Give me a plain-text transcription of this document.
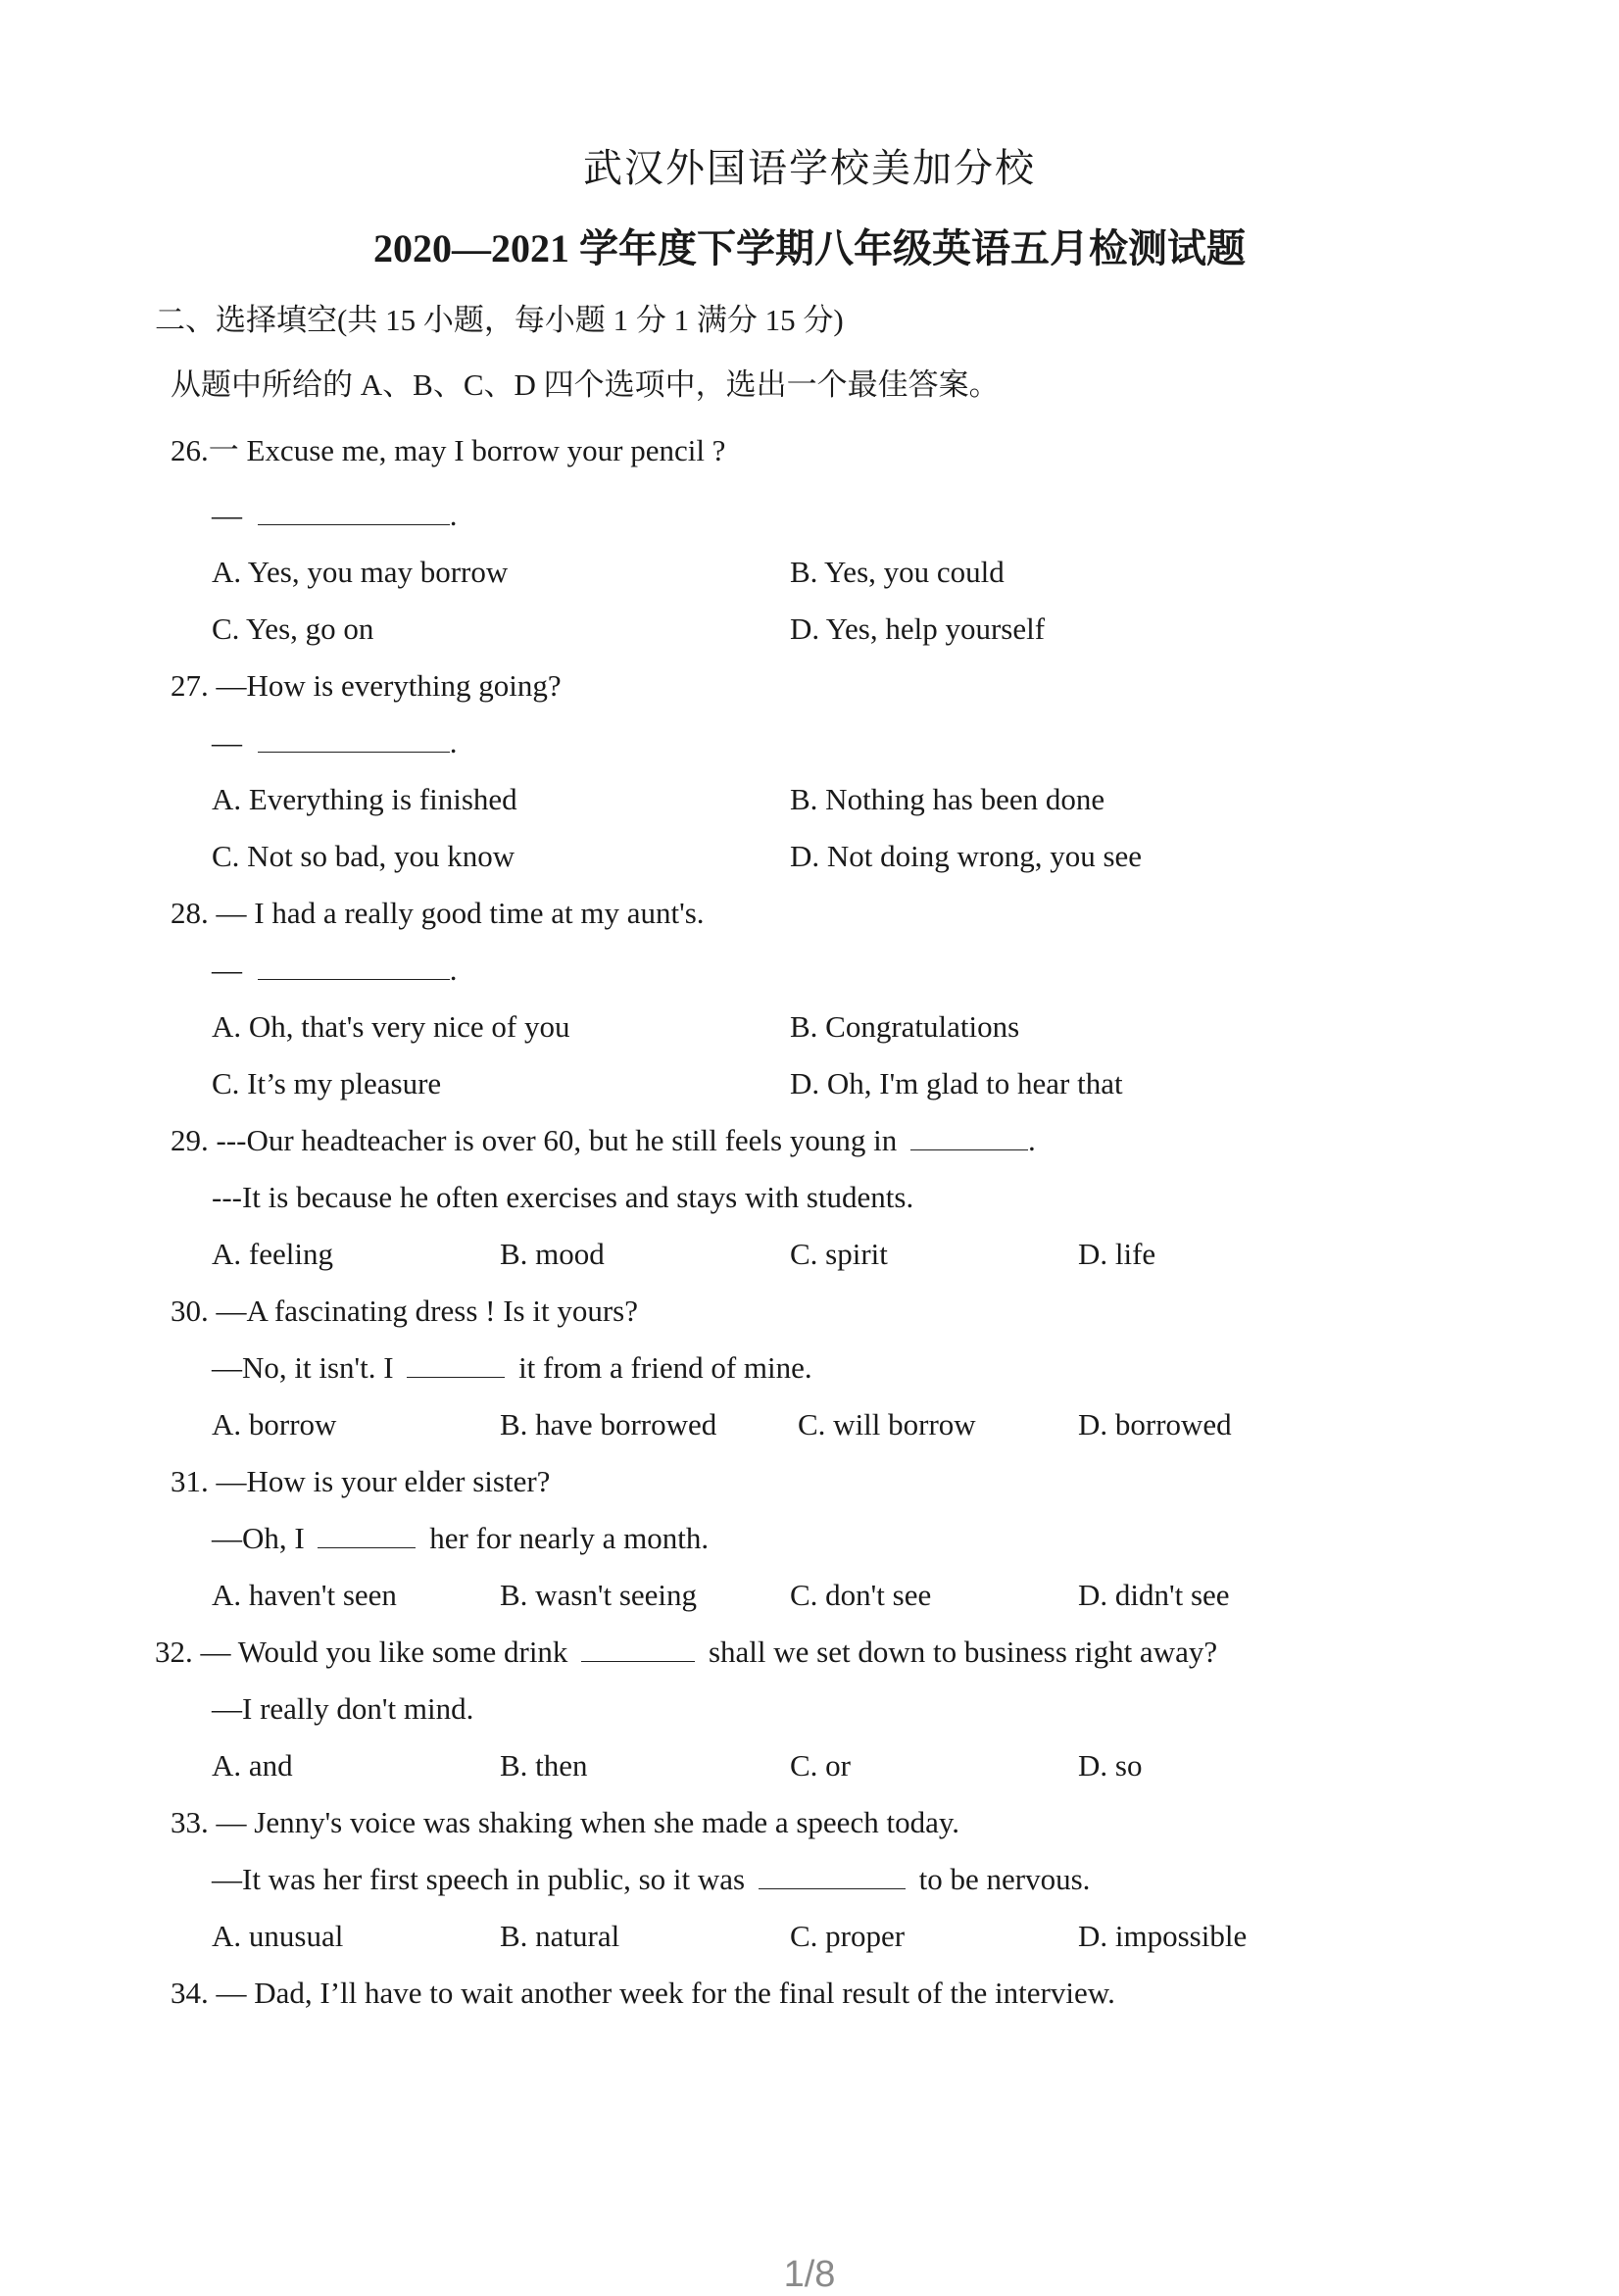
武汉外国语学校美加分校
2020—2021 学年度下学期八年级英语五月检测试题
二、选择填空(共 15 小题，每小题 1 分 1 满分 15 分)
从题中所给的 A、B、C、D 四个选项中，选出一个最佳答案。
26.一 Excuse me, may I borrow your pencil ?
—	.
A. Yes, you may borrow	B. Yes, you could
C. Yes, go on	D. Yes, help yourself
27. —How is everything going?
—	.
A. Everything is finished	B. Nothing has been done
C. Not so bad, you know	D. Not doing wrong, you see
28. — I had a really good time at my aunt's.
—	.
A. Oh, that's very nice of you	B. Congratulations
C. It’s my pleasure	D. Oh, I'm glad to hear that
29. ---Our headteacher is over 60, but he still feels young in	.
---It is because he often exercises and stays with students.
A. feeling	B. mood	C. spirit	D. life
30. —A fascinating dress ! Is it yours?
—No, it isn't. I	it from a friend of mine.
A. borrow	B. have borrowed	C. will borrow	D. borrowed
31. —How is your elder sister?
—Oh, I	her for nearly a month.
A. haven't seen	B. wasn't seeing	C. don't see	D. didn't see
32. — Would you like some drink	shall we set down to business right away?
—I really don't mind.
A. and	B. then	C. or	D. so
33. — Jenny's voice was shaking when she made a speech today.
—It was her first speech in public, so it was	to be nervous.
A. unusual	B. natural	C. proper	D. impossible
34. — Dad, I’ll have to wait another week for the final result of the interview.
1/8
